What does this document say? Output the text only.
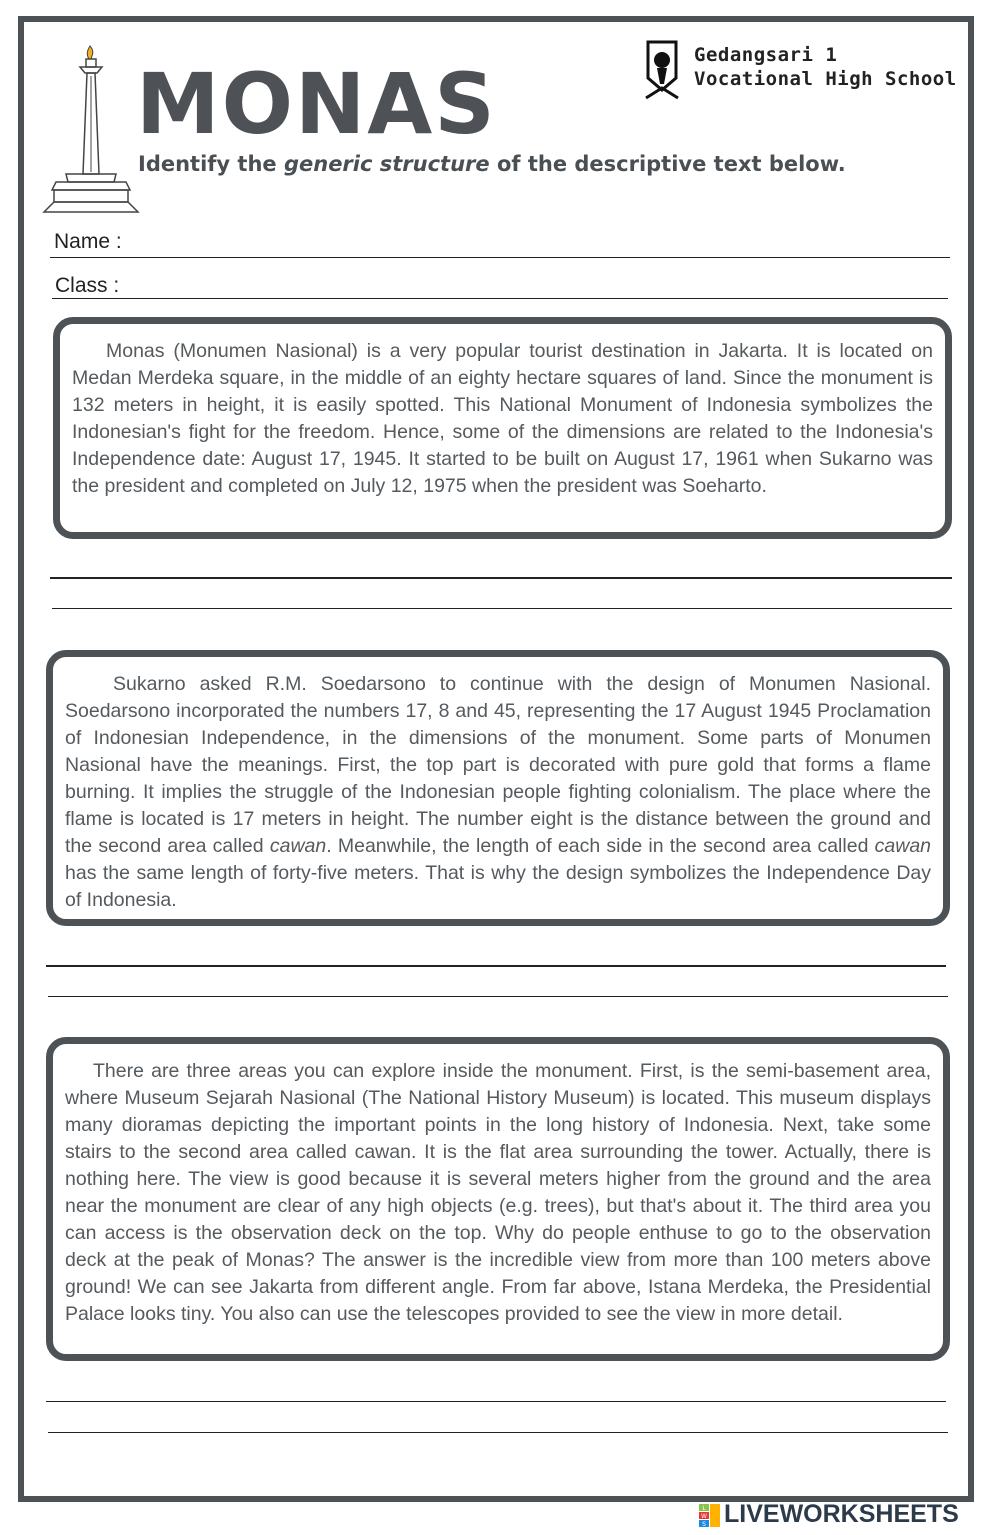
MONAS

Identify the generic structure of the descriptive text below.

Gedangsari 1
Vocational High School
Name :
Class :

Monas (Monumen Nasional) is a very popular tourist destination in Jakarta. It is located on Medan Merdeka square, in the middle of an eighty hectare squares of land. Since the monument is 132 meters in height, it is easily spotted. This National Monument of Indonesia symbolizes the Indonesian's fight for the freedom. Hence, some of the dimensions are related to the Indonesia's Independence date: August 17, 1945. It started to be built on August 17, 1961 when Sukarno was the president and completed on July 12, 1975 when the president was Soeharto.

Sukarno asked R.M. Soedarsono to continue with the design of Monumen Nasional. Soedarsono incorporated the numbers 17, 8 and 45, representing the 17 August 1945 Proclamation of Indonesian Independence, in the dimensions of the monument. Some parts of Monumen Nasional have the meanings. First, the top part is decorated with pure gold that forms a flame burning. It implies the struggle of the Indonesian people fighting colonialism. The place where the flame is located is 17 meters in height. The number eight is the distance between the ground and the second area called cawan. Meanwhile, the length of each side in the second area called cawan has the same length of forty-five meters. That is why the design symbolizes the Independence Day of Indonesia.

There are three areas you can explore inside the monument. First, is the semi-basement area, where Museum Sejarah Nasional (The National History Museum) is located. This museum displays many dioramas depicting the important points in the long history of Indonesia. Next, take some stairs to the second area called cawan. It is the flat area surrounding the tower. Actually, there is nothing here. The view is good because it is several meters higher from the ground and the area near the monument are clear of any high objects (e.g. trees), but that's about it. The third area you can access is the observation deck on the top. Why do people enthuse to go to the observation deck at the peak of Monas? The answer is the incredible view from more than 100 meters above ground! We can see Jakarta from different angle. From far above, Istana Merdeka, the Presidential Palace looks tiny. You also can use the telescopes provided to see the view in more detail.

L
W
S LIVEWORKSHEETS
